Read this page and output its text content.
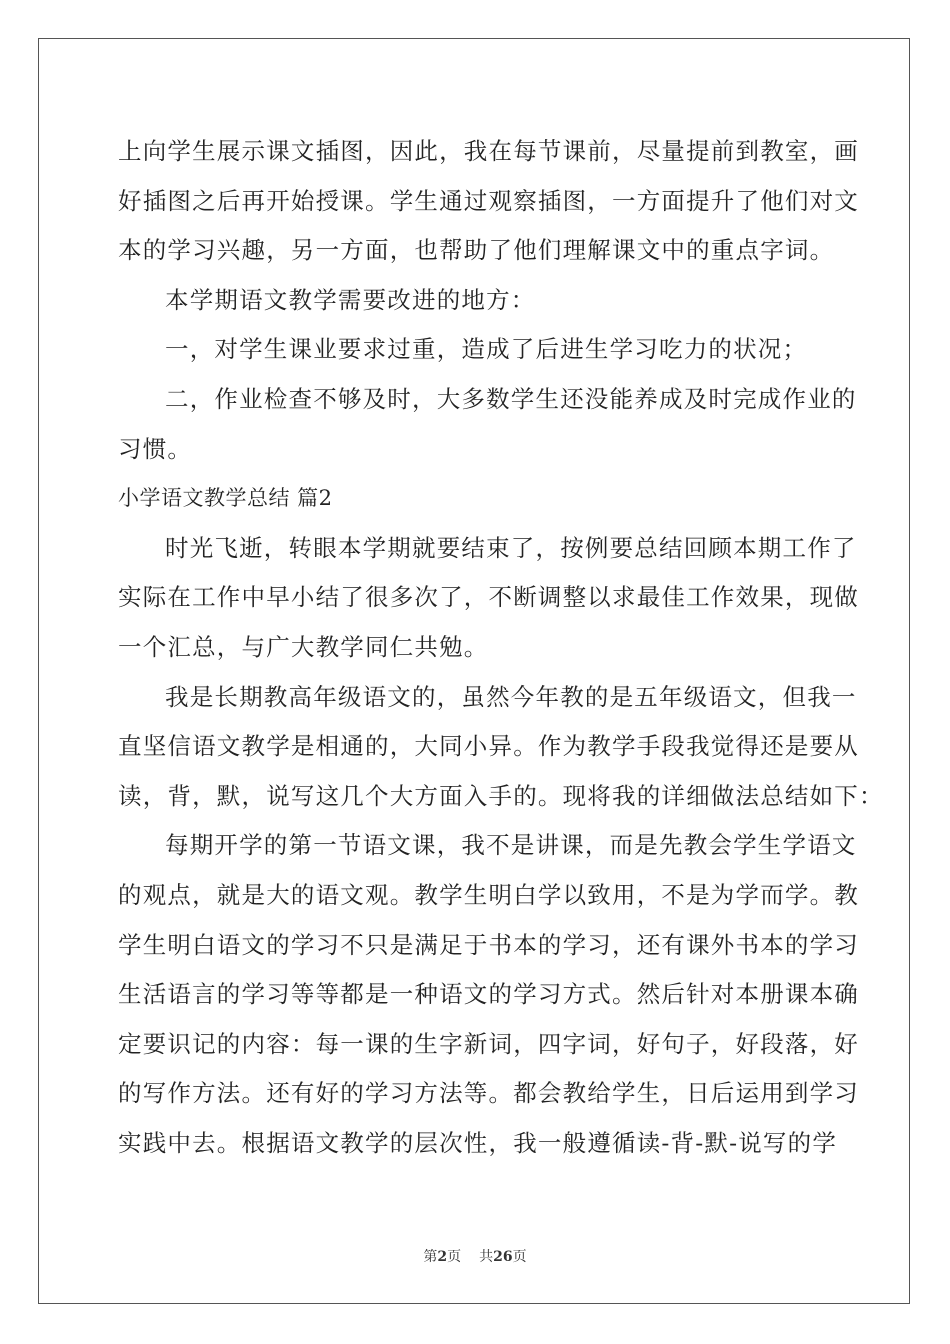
上向学生展示课文插图，因此，我在每节课前，尽量提前到教室，画
好插图之后再开始授课。学生通过观察插图，一方面提升了他们对文
本的学习兴趣，另一方面，也帮助了他们理解课文中的重点字词。
本学期语文教学需要改进的地方：
一，对学生课业要求过重，造成了后进生学习吃力的状况；
二，作业检查不够及时，大多数学生还没能养成及时完成作业的
习惯。
小学语文教学总结 篇2
时光飞逝，转眼本学期就要结束了，按例要总结回顾本期工作了
实际在工作中早小结了很多次了，不断调整以求最佳工作效果，现做
一个汇总，与广大教学同仁共勉。
我是长期教高年级语文的，虽然今年教的是五年级语文，但我一
直坚信语文教学是相通的，大同小异。作为教学手段我觉得还是要从
读，背，默，说写这几个大方面入手的。现将我的详细做法总结如下：
每期开学的第一节语文课，我不是讲课，而是先教会学生学语文
的观点，就是大的语文观。教学生明白学以致用，不是为学而学。教
学生明白语文的学习不只是满足于书本的学习，还有课外书本的学习
生活语言的学习等等都是一种语文的学习方式。然后针对本册课本确
定要识记的内容：每一课的生字新词，四字词，好句子，好段落，好
的写作方法。还有好的学习方法等。都会教给学生，日后运用到学习
实践中去。根据语文教学的层次性，我一般遵循读-背-默-说写的学
第2页 共26页
